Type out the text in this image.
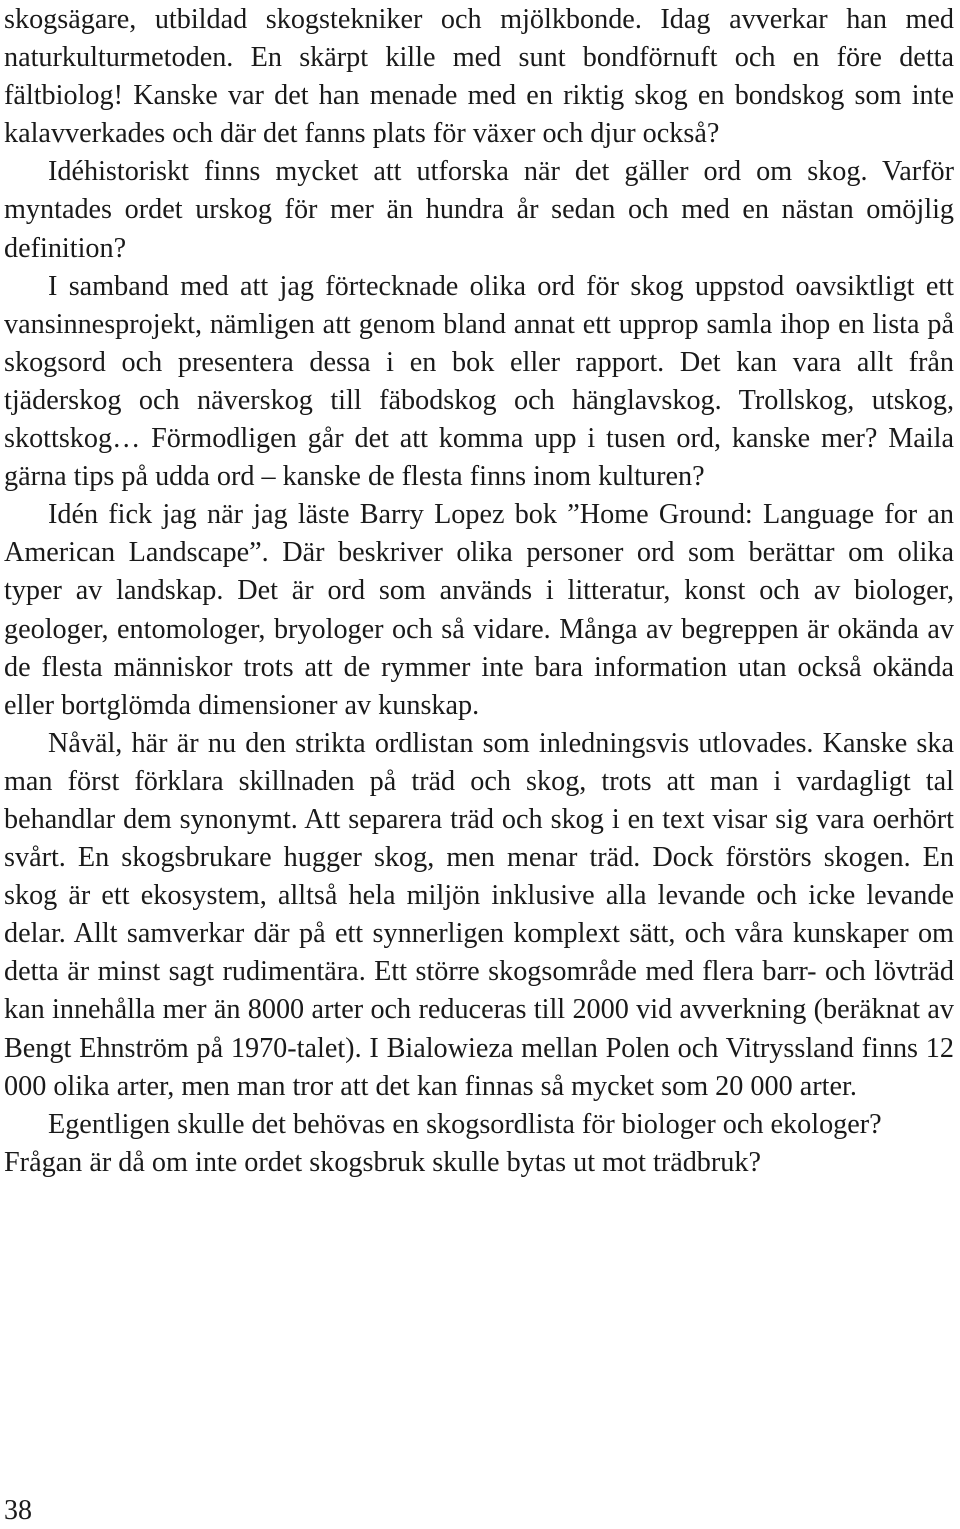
skogsägare, utbildad skogstekniker och mjölkbonde. Idag avverkar han med naturkulturmetoden. En skärpt kille med sunt bondförnuft och en före detta fältbiolog! Kanske var det han menade med en riktig skog en bondskog som inte kalavverkades och där det fanns plats för växer och djur också?

Idéhistoriskt finns mycket att utforska när det gäller ord om skog. Varför myntades ordet urskog för mer än hundra år sedan och med en nästan omöjlig definition?

I samband med att jag förtecknade olika ord för skog uppstod oavsiktligt ett vansinnesprojekt, nämligen att genom bland annat ett upprop samla ihop en lista på skogsord och presentera dessa i en bok eller rapport. Det kan vara allt från tjäderskog och näverskog till fäbodskog och hänglavskog. Trollskog, utskog, skottskog… Förmodligen går det att komma upp i tusen ord, kanske mer? Maila gärna tips på udda ord – kanske de flesta finns inom kulturen?

Idén fick jag när jag läste Barry Lopez bok ”Home Ground: Language for an American Landscape”. Där beskriver olika personer ord som berättar om olika typer av landskap. Det är ord som används i litteratur, konst och av biologer, geologer, entomologer, bryologer och så vidare. Många av begreppen är okända av de flesta människor trots att de rymmer inte bara information utan också okända eller bortglömda dimensioner av kunskap.

Nåväl, här är nu den strikta ordlistan som inledningsvis utlovades. Kanske ska man först förklara skillnaden på träd och skog, trots att man i vardagligt tal behandlar dem synonymt. Att separera träd och skog i en text visar sig vara oerhört svårt. En skogsbrukare hugger skog, men menar träd. Dock förstörs skogen. En skog är ett ekosystem, alltså hela miljön inklusive alla levande och icke levande delar. Allt samverkar där på ett synnerligen komplext sätt, och våra kunskaper om detta är minst sagt rudimentära. Ett större skogsområde med flera barr- och lövträd kan innehålla mer än 8000 arter och reduceras till 2000 vid avverkning (beräknat av Bengt Ehnström på 1970-talet). I Bialowieza mellan Polen och Vitryssland finns 12 000 olika arter, men man tror att det kan finnas så mycket som 20 000 arter.

Egentligen skulle det behövas en skogsordlista för biologer och ekologer? Frågan är då om inte ordet skogsbruk skulle bytas ut mot trädbruk?

38
